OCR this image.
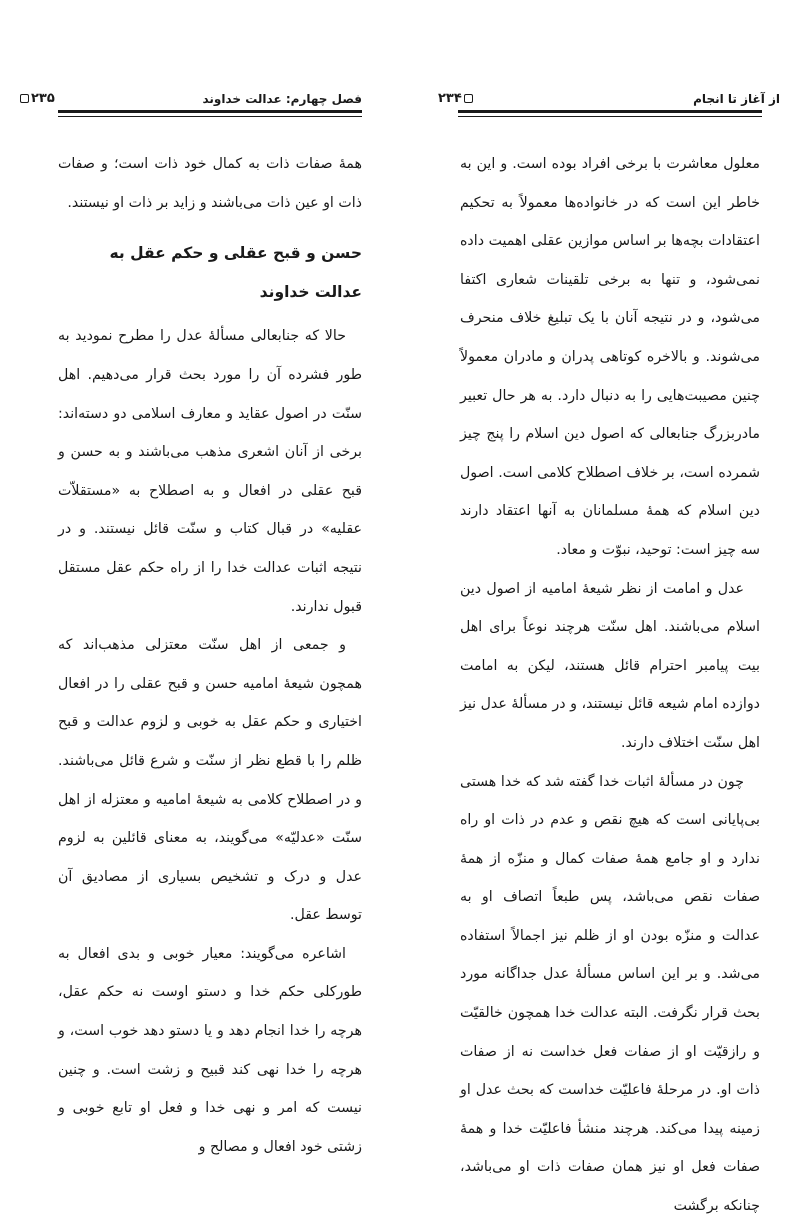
۲۳۵	فصل چهارم: عدالت خداوند

همهٔ صفات ذات به کمال خود ذات است؛ و صفات ذات او عین ذات می‌باشند و زاید بر ذات او نیستند.

حسن و قبح عقلی و حکم عقل به عدالت خداوند

حالا که جنابعالی مسألهٔ عدل را مطرح نمودید به طور فشرده آن را مورد بحث قرار می‌دهیم. اهل سنّت در اصول عقاید و معارف اسلامی دو دسته‌اند: برخی از آنان اشعری مذهب می‌باشند و به حسن و قبح عقلی در افعال و به اصطلاح به «مستقلاّت عقلیه» در قبال کتاب و سنّت قائل نیستند. و در نتیجه اثبات عدالت خدا را از راه حکم عقل مستقل قبول ندارند.

و جمعی از اهل سنّت معتزلی مذهب‌اند که همچون شیعهٔ امامیه حسن و قبح عقلی را در افعال اختیاری و حکم عقل به خوبی و لزوم عدالت و قبح ظلم را با قطع نظر از سنّت و شرع قائل می‌باشند. و در اصطلاح کلامی به شیعهٔ امامیه و معتزله از اهل سنّت «عدلیّه» می‌گویند، به معنای قائلین به لزوم عدل و درک و تشخیص بسیاری از مصادیق آن توسط عقل.

اشاعره می‌گویند: معیار خوبی و بدی افعال به طورکلی حکم خدا و دستو اوست نه حکم عقل، هرچه را خدا انجام دهد و یا دستو دهد خوب است، و هرچه را خدا نهی کند قبیح و زشت است. و چنین نیست که امر و نهی خدا و فعل او تابع خوبی و زشتی خود افعال و مصالح و

۲۳۴	از آغاز تا انجام

معلول معاشرت با برخی افراد بوده است. و این به خاطر این است که در خانواده‌ها معمولاً به تحکیم اعتقادات بچه‌ها بر اساس موازین عقلی اهمیت داده نمی‌شود، و تنها به برخی تلقینات شعاری اکتفا می‌شود، و در نتیجه آنان با یک تبلیغ خلاف منحرف می‌شوند. و بالاخره کوتاهی پدران و مادران معمولاً چنین مصیبت‌هایی را به دنبال دارد. به هر حال تعبیر مادربزرگ جنابعالی که اصول دین اسلام را پنج چیز شمرده است، بر خلاف اصطلاح کلامی است. اصول دین اسلام که همهٔ مسلمانان به آنها اعتقاد دارند سه چیز است: توحید، نبوّت و معاد.

عدل و امامت از نظر شیعهٔ امامیه از اصول دین اسلام می‌باشند. اهل سنّت هرچند نوعاً برای اهل بیت پیامبر احترام قائل هستند، لیکن به امامت دوازده امام شیعه قائل نیستند، و در مسألهٔ عدل نیز اهل سنّت اختلاف دارند.

چون در مسألهٔ اثبات خدا گفته شد که خدا هستی بی‌پایانی است که هیچ نقص و عدم در ذات او راه ندارد و او جامع همهٔ صفات کمال و منزّه از همهٔ صفات نقص می‌باشد، پس طبعاً اتصاف او به عدالت و منزّه بودن او از ظلم نیز اجمالاً استفاده می‌شد. و بر این اساس مسألهٔ عدل جداگانه مورد بحث قرار نگرفت. البته عدالت خدا همچون خالقیّت و رازقیّت او از صفات فعل خداست نه از صفات ذات او. در مرحلهٔ فاعلیّت خداست که بحث عدل او زمینه پیدا می‌کند. هرچند منشأ فاعلیّت خدا و همهٔ صفات فعل او نیز همان صفات ذات او می‌باشد، چنانکه برگشت
